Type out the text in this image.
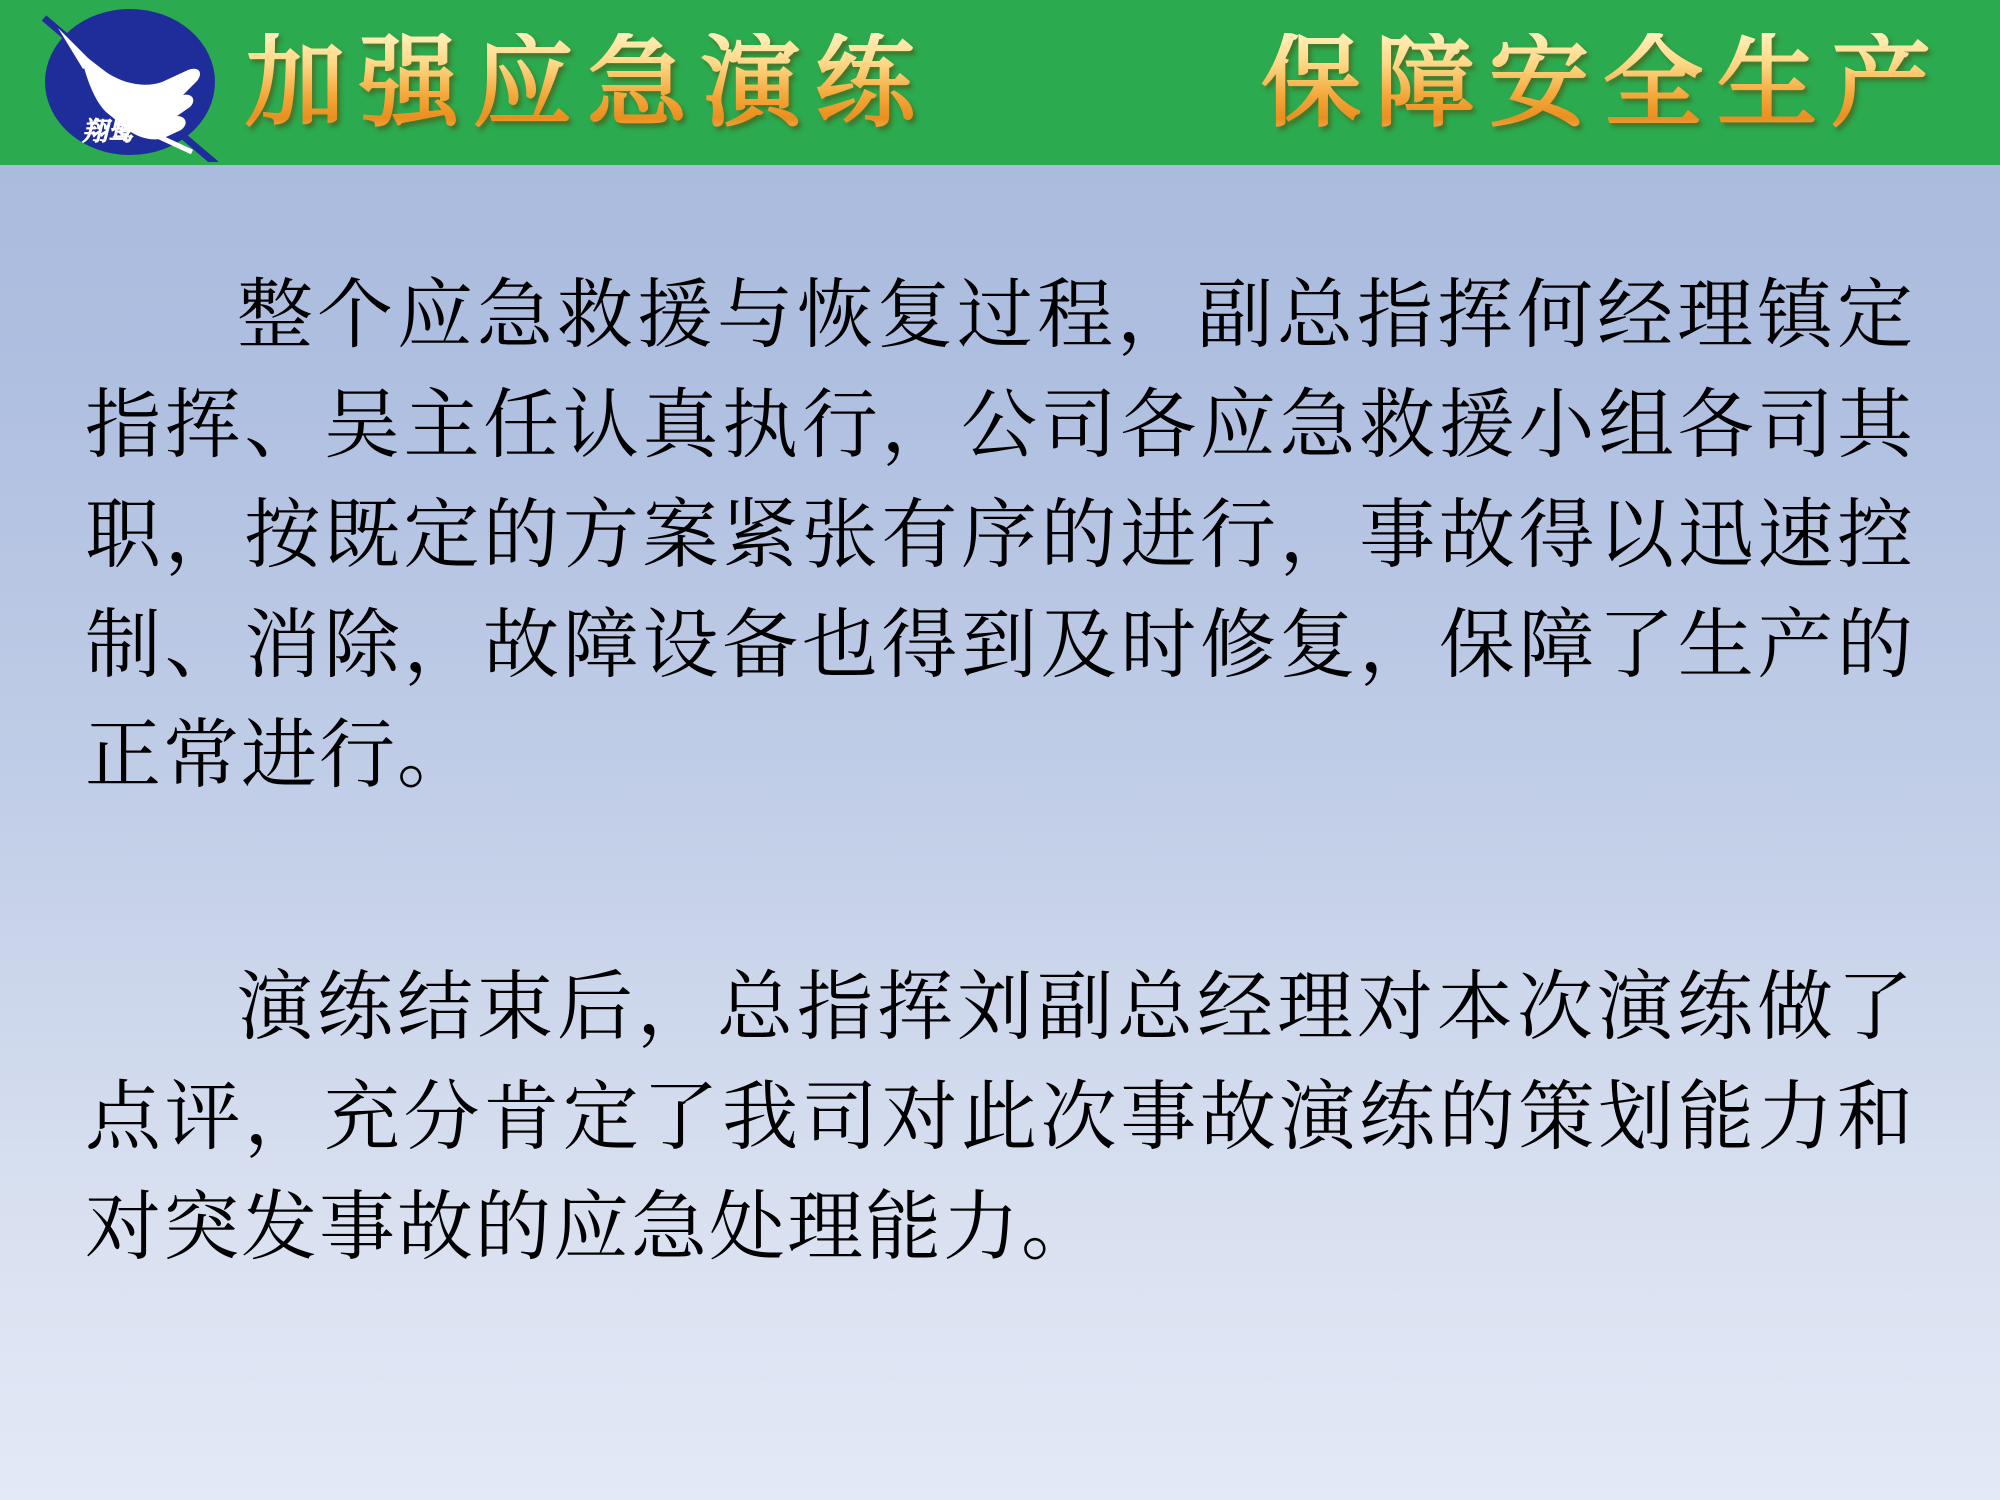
翔鹭 加强应急演练	保障安全生产

整个应急救援与恢复过程，副总指挥何经理镇定指挥、吴主任认真执行，公司各应急救援小组各司其职，按既定的方案紧张有序的进行，事故得以迅速控制、消除，故障设备也得到及时修复，保障了生产的正常进行。

演练结束后，总指挥刘副总经理对本次演练做了点评，充分肯定了我司对此次事故演练的策划能力和对突发事故的应急处理能力。
